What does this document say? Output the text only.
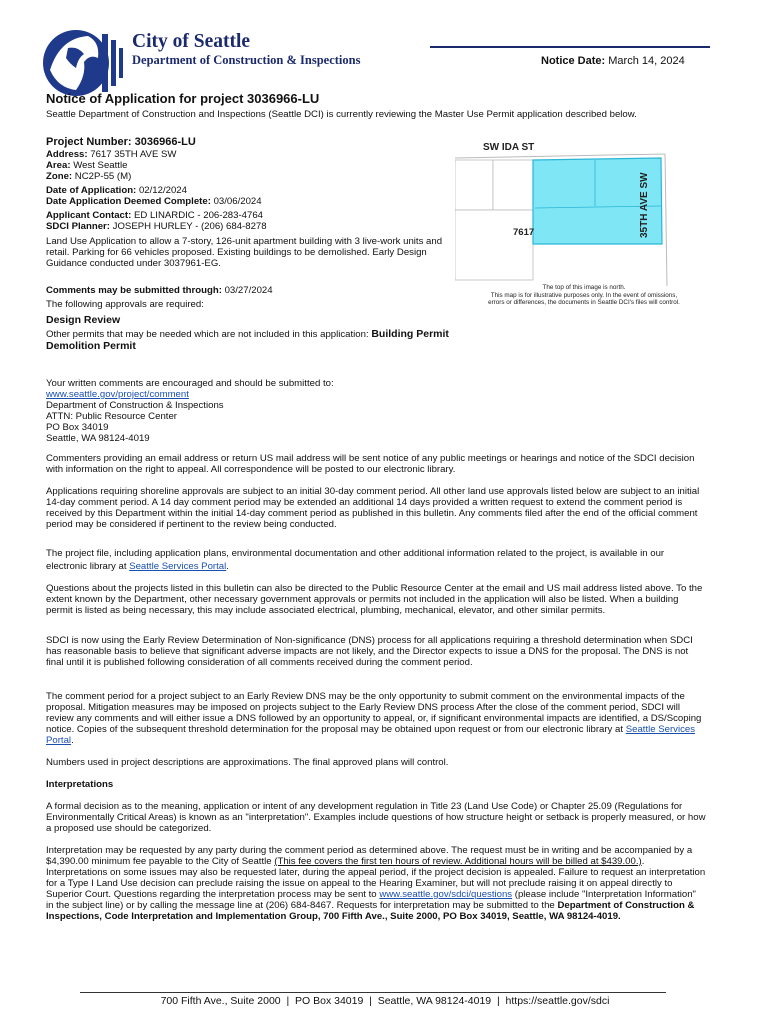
City of Seattle
Department of Construction & Inspections	Notice Date: March 14, 2024
Notice of Application for project 3036966-LU
Seattle Department of Construction and Inspections (Seattle DCI) is currently reviewing the Master Use Permit application described below.
Project Number: 3036966-LU
Address: 7617 35TH AVE SW
Area: West Seattle
Zone: NC2P-55 (M)
Date of Application: 02/12/2024
Date Application Deemed Complete: 03/06/2024
Applicant Contact: ED LINARDIC - 206-283-4764
SDCI Planner: JOSEPH HURLEY - (206) 684-8278
Land Use Application to allow a 7-story, 126-unit apartment building with 3 live-work units and retail. Parking for 66 vehicles proposed. Existing buildings to be demolished. Early Design Guidance conducted under 3037961-EG.
Comments may be submitted through: 03/27/2024
The following approvals are required:
Design Review
Other permits that may be needed which are not included in this application: Building Permit
Demolition Permit
SW IDA ST
7617	35TH AVE SW
The top of this image is north.
This map is for illustrative purposes only. In the event of omissions,
errors or differences, the documents in Seattle DCI's files will control.
Your written comments are encouraged and should be submitted to:
www.seattle.gov/project/comment
Department of Construction & Inspections
ATTN: Public Resource Center
PO Box 34019
Seattle, WA 98124-4019
Commenters providing an email address or return US mail address will be sent notice of any public meetings or hearings and notice of the SDCI decision with information on the right to appeal. All correspondence will be posted to our electronic library.
Applications requiring shoreline approvals are subject to an initial 30-day comment period. All other land use approvals listed below are subject to an initial 14-day comment period. A 14 day comment period may be extended an additional 14 days provided a written request to extend the comment period is received by this Department within the initial 14-day comment period as published in this bulletin. Any comments filed after the end of the official comment period may be considered if pertinent to the review being conducted.
The project file, including application plans, environmental documentation and other additional information related to the project, is available in our electronic library at Seattle Services Portal.
Questions about the projects listed in this bulletin can also be directed to the Public Resource Center at the email and US mail address listed above. To the extent known by the Department, other necessary government approvals or permits not included in the application will also be listed. When a building permit is listed as being necessary, this may include associated electrical, plumbing, mechanical, elevator, and other similar permits.
SDCI is now using the Early Review Determination of Non-significance (DNS) process for all applications requiring a threshold determination when SDCI has reasonable basis to believe that significant adverse impacts are not likely, and the Director expects to issue a DNS for the proposal. The DNS is not final until it is published following consideration of all comments received during the comment period.
The comment period for a project subject to an Early Review DNS may be the only opportunity to submit comment on the environmental impacts of the proposal. Mitigation measures may be imposed on projects subject to the Early Review DNS process After the close of the comment period, SDCI will review any comments and will either issue a DNS followed by an opportunity to appeal, or, if significant environmental impacts are identified, a DS/Scoping notice. Copies of the subsequent threshold determination for the proposal may be obtained upon request or from our electronic library at Seattle Services Portal.
Numbers used in project descriptions are approximations. The final approved plans will control.
Interpretations
A formal decision as to the meaning, application or intent of any development regulation in Title 23 (Land Use Code) or Chapter 25.09 (Regulations for Environmentally Critical Areas) is known as an "interpretation". Examples include questions of how structure height or setback is properly measured, or how a proposed use should be categorized.
Interpretation may be requested by any party during the comment period as determined above. The request must be in writing and be accompanied by a $4,390.00 minimum fee payable to the City of Seattle (This fee covers the first ten hours of review. Additional hours will be billed at $439.00.). Interpretations on some issues may also be requested later, during the appeal period, if the project decision is appealed. Failure to request an interpretation for a Type I Land Use decision can preclude raising the issue on appeal to the Hearing Examiner, but will not preclude raising it on appeal directly to Superior Court. Questions regarding the interpretation process may be sent to www.seattle.gov/sdci/questions (please include "Interpretation Information" in the subject line) or by calling the message line at (206) 684-8467. Requests for interpretation may be submitted to the Department of Construction & Inspections, Code Interpretation and Implementation Group, 700 Fifth Ave., Suite 2000, PO Box 34019, Seattle, WA 98124-4019.
700 Fifth Ave., Suite 2000  |  PO Box 34019  |  Seattle, WA 98124-4019  |  https://seattle.gov/sdci
